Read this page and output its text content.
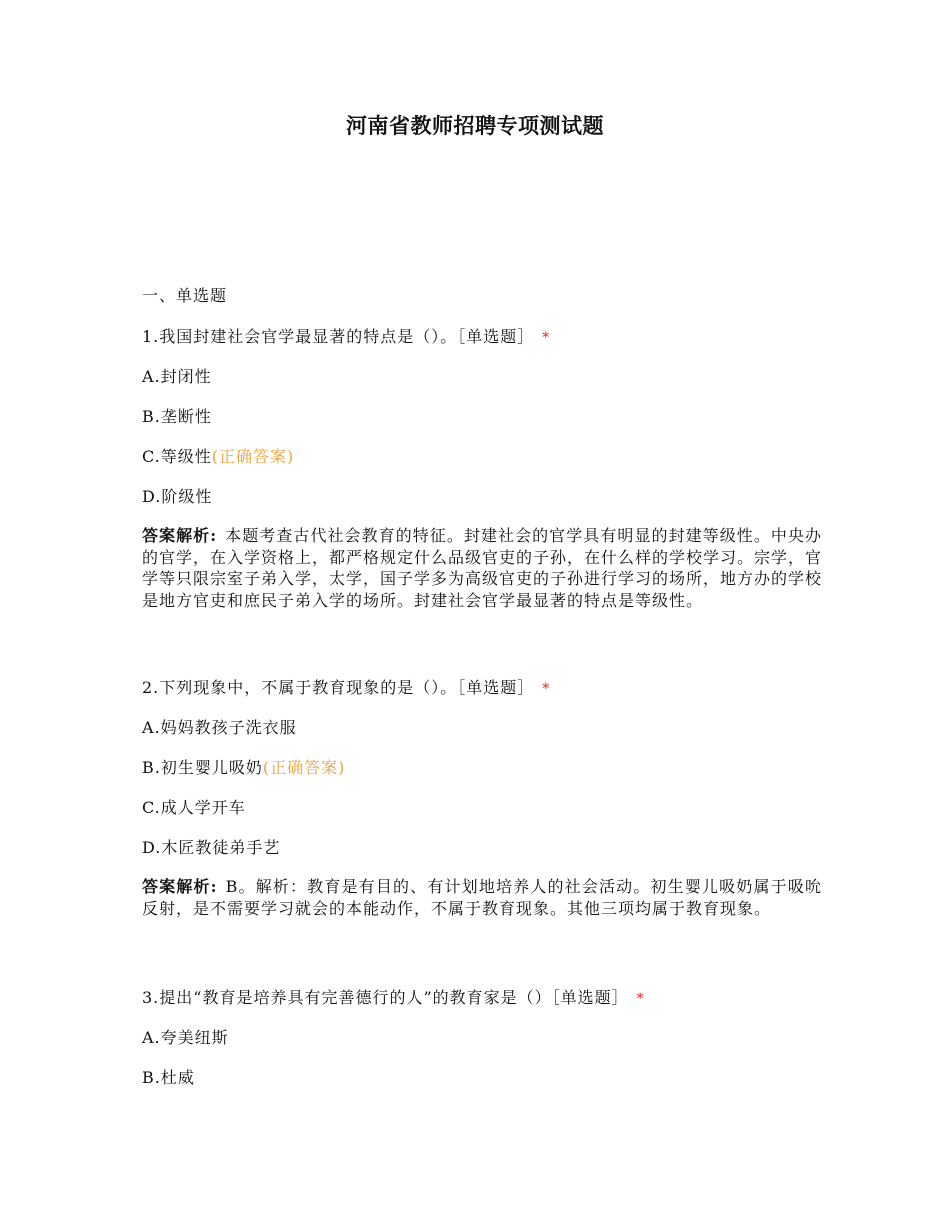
河南省教师招聘专项测试题
一、单选题
1.我国封建社会官学最显著的特点是（）。［单选题］ *
A.封闭性
B.垄断性
C.等级性(正确答案)
D.阶级性
答案解析: 本题考查古代社会教育的特征。封建社会的官学具有明显的封建等级性。中央办的官学，在入学资格上，都严格规定什么品级官吏的子孙，在什么样的学校学习。宗学，官学等只限宗室子弟入学，太学，国子学多为高级官吏的子孙进行学习的场所，地方办的学校是地方官吏和庶民子弟入学的场所。封建社会官学最显著的特点是等级性。
2.下列现象中，不属于教育现象的是（）。［单选题］ *
A.妈妈教孩子洗衣服
B.初生婴儿吸奶(正确答案)
C.成人学开车
D.木匠教徒弟手艺
答案解析: B。解析：教育是有目的、有计划地培养人的社会活动。初生婴儿吸奶属于吸吮反射，是不需要学习就会的本能动作，不属于教育现象。其他三项均属于教育现象。
3.提出“教育是培养具有完善德行的人”的教育家是（）［单选题］ *
A.夸美纽斯
B.杜威
